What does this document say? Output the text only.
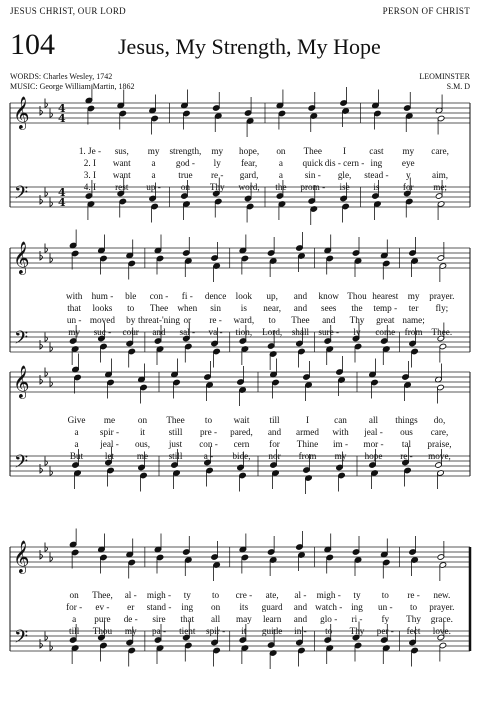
JESUS CHRIST, OUR LORD	PERSON OF CHRIST
104	Jesus, My Strength, My Hope
WORDS: Charles Wesley, 1742
MUSIC: George William Martin, 1862
LEOMINSTER
S.M. D
𝄞
𝄢
4
4
4
4
1. Je - sus, my strength, my hope, on Thee I	cast my care,
2. I want a god - ly fear, a quick dis - cern - ing eye
3. I want a true re - gard, a sin - gle, stead - y aim,
4. I rest up - on Thy word, the prom - ise	is	for me;
𝄞
𝄢
with hum - ble con - fi - dence look up, and know Thou hearest my prayer.
that looks to Thee when sin is near, and sees the temp - ter fly;
un - moved by threat-'ning or re - ward, to Thee and Thy great name;
my suc - cour and sal - va - tion, Lord, shall sure - ly come from Thee.
𝄞
𝄢
Give me on Thee to wait till	I	can all things do,
a spir - it	still pre - pared, and armed with jeal - ous care,
a jeal - ous, just con - cern for Thine im - mor - tal praise,
But let me still a - bide, nor from my hope re - move,
𝄞
𝄢
on Thee, al - migh - ty to cre - ate, al - migh - ty to re - new.
for - ev - er stand - ing on its guard and watch - ing un - to prayer.
a pure de - sire that all may learn and glo - ri - fy Thy grace.
till Thou my pa - tient spir - it guide in - to Thy per - fect love.
